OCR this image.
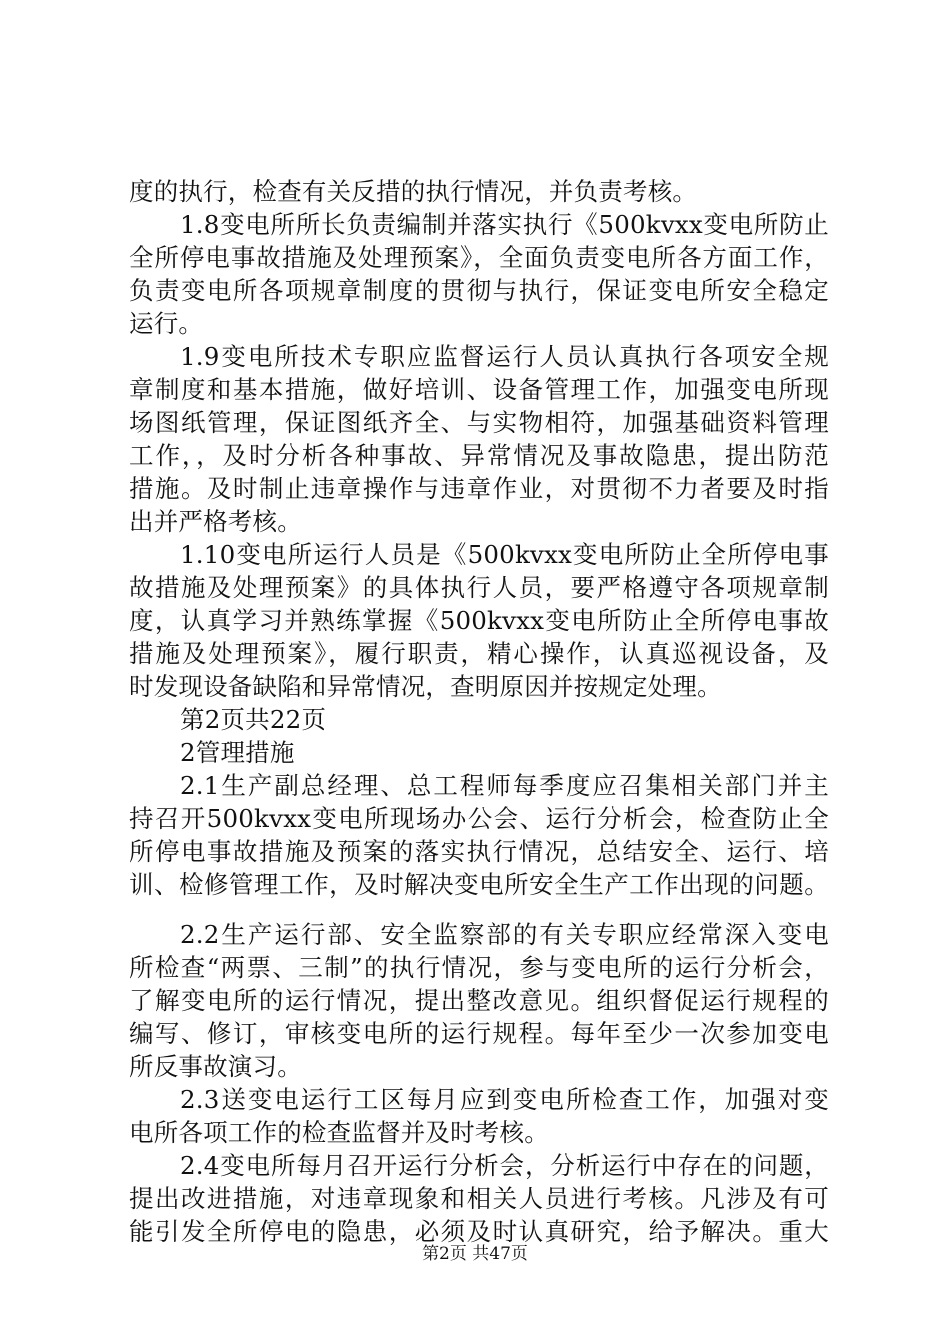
度的执行，检查有关反措的执行情况，并负责考核。
1.8变电所所长负责编制并落实执行《500kvxx变电所防止
全所停电事故措施及处理预案》，全面负责变电所各方面工作，
负责变电所各项规章制度的贯彻与执行，保证变电所安全稳定
运行。
1.9变电所技术专职应监督运行人员认真执行各项安全规
章制度和基本措施，做好培训、设备管理工作，加强变电所现
场图纸管理，保证图纸齐全、与实物相符，加强基础资料管理
工作，，及时分析各种事故、异常情况及事故隐患，提出防范
措施。及时制止违章操作与违章作业，对贯彻不力者要及时指
出并严格考核。
1.10变电所运行人员是《500kvxx变电所防止全所停电事
故措施及处理预案》的具体执行人员，要严格遵守各项规章制
度，认真学习并熟练掌握《500kvxx变电所防止全所停电事故
措施及处理预案》，履行职责，精心操作，认真巡视设备，及
时发现设备缺陷和异常情况，查明原因并按规定处理。
第2页共22页
2管理措施
2.1生产副总经理、总工程师每季度应召集相关部门并主
持召开500kvxx变电所现场办公会、运行分析会，检查防止全
所停电事故措施及预案的落实执行情况，总结安全、运行、培
训、检修管理工作，及时解决变电所安全生产工作出现的问题。
2.2生产运行部、安全监察部的有关专职应经常深入变电
所检查“两票、三制”的执行情况，参与变电所的运行分析会，
了解变电所的运行情况，提出整改意见。组织督促运行规程的
编写、修订，审核变电所的运行规程。每年至少一次参加变电
所反事故演习。
2.3送变电运行工区每月应到变电所检查工作，加强对变
电所各项工作的检查监督并及时考核。
2.4变电所每月召开运行分析会，分析运行中存在的问题，
提出改进措施，对违章现象和相关人员进行考核。凡涉及有可
能引发全所停电的隐患，必须及时认真研究，给予解决。重大
第2页 共47页
